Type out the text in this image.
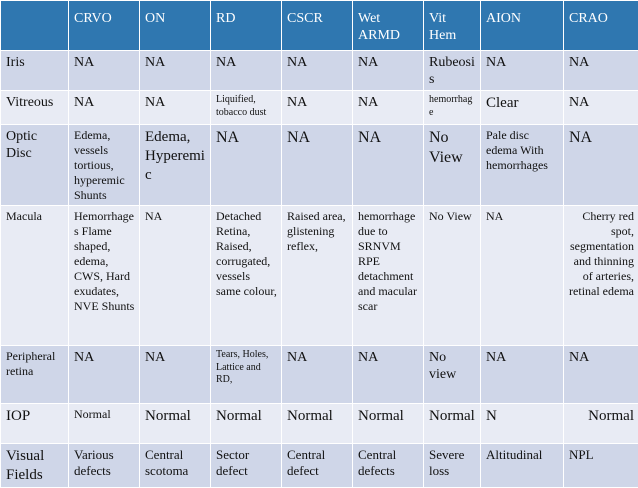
	CRVO	ON	RD	CSCR	Wet ARMD	Vit Hem	AION	CRAO
Iris	NA	NA	NA	NA	NA	Rubeosis	NA	NA
Vitreous	NA	NA	Liquified, tobacco dust	NA	NA	hemorrhage	Clear	NA
Optic Disc	Edema, vessels tortious, hyperemic Shunts	Edema, Hyperemic	NA	NA	NA	No View	Pale disc edema With hemorrhages	NA
Macula	Hemorrhages Flame shaped, edema, CWS, Hard exudates, NVE Shunts	NA	Detached Retina, Raised, corrugated, vessels same colour,	Raised area, glistening reflex,	hemorrhage due to SRNVM RPE detachment and macular scar	No View	NA	Cherry red spot, segmentation and thinning of arteries, retinal edema
Peripheral retina	NA	NA	Tears, Holes, Lattice and RD,	NA	NA	No view	NA	NA
IOP	Normal	Normal	Normal	Normal	Normal	Normal	N	Normal
Visual Fields	Various defects	Central scotoma	Sector defect	Central defect	Central defects	Severe loss	Altitudinal	NPL
